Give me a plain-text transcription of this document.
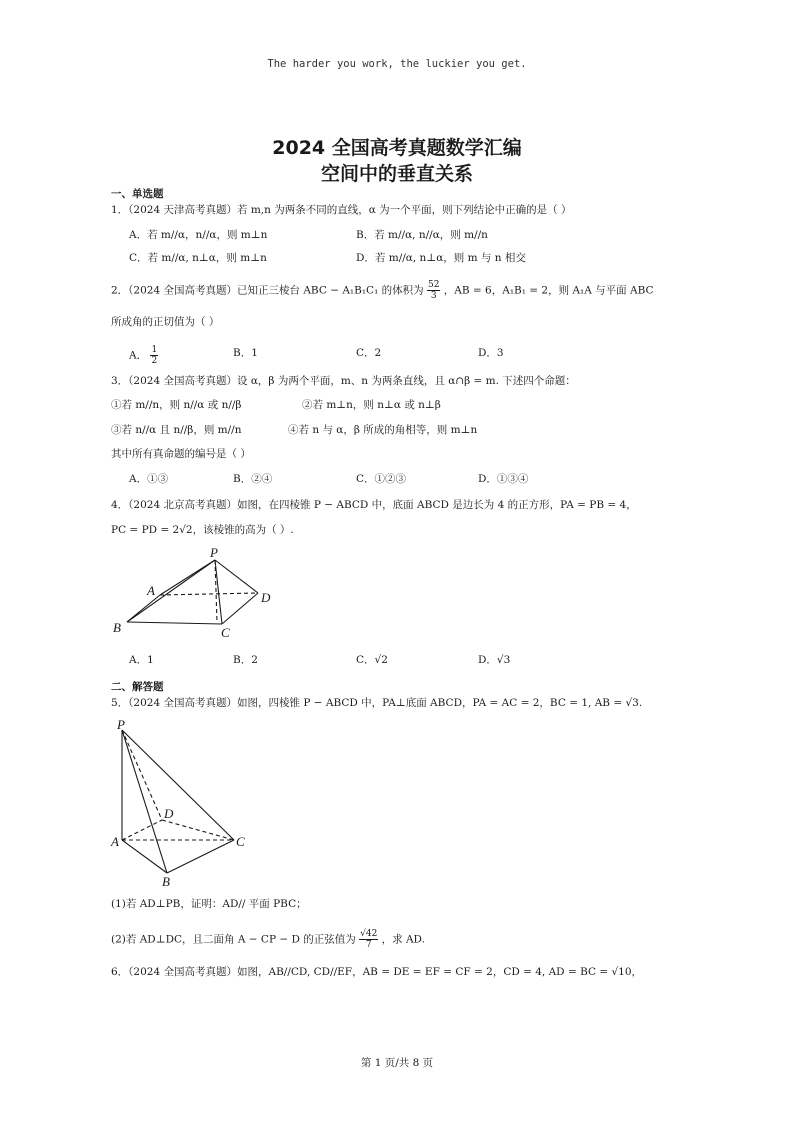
The harder you work, the luckier you get.
2024 全国高考真题数学汇编
空间中的垂直关系
一、单选题
1．（2024 天津高考真题）若 m,n 为两条不同的直线，α 为一个平面，则下列结论中正确的是（ ）
A．若 m//α，n//α，则 m⊥n	B．若 m//α, n//α，则 m//n
C．若 m//α, n⊥α，则 m⊥n	D．若 m//α, n⊥α，则 m 与 n 相交
2．（2024 全国高考真题）已知正三棱台 ABC − A₁B₁C₁ 的体积为 $\frac{52}{3}$ ，AB = 6，A₁B₁ = 2，则 A₁A 与平面 ABC
所成角的正切值为（ ）
A． $\frac{1}{2}$	B．1	C．2	D．3
3．（2024 全国高考真题）设 α，β 为两个平面，m、n 为两条直线，且 α∩β = m. 下述四个命题：
①若 m//n，则 n//α 或 n//β	②若 m⊥n，则 n⊥α 或 n⊥β
③若 n//α 且 n//β，则 m//n	④若 n 与 α，β 所成的角相等，则 m⊥n
其中所有真命题的编号是（ ）
A．①③	B．②④	C．①②③	D．①③④
4．（2024 北京高考真题）如图，在四棱锥 P − ABCD 中，底面 ABCD 是边长为 4 的正方形，PA = PB = 4，
PC = PD = 2√2，该棱锥的高为（ ）.
P
A
B	C
D
A．1	B．2	C．√2	D．√3
二、解答题
5．（2024 全国高考真题）如图，四棱锥 P − ABCD 中，PA⊥底面 ABCD，PA = AC = 2，BC = 1, AB = √3.
P
D
A	C
B
(1)若 AD⊥PB，证明：AD// 平面 PBC；
(2)若 AD⊥DC，且二面角 A − CP − D 的正弦值为 $\frac{√42}{7}$ ，求 AD.
6．（2024 全国高考真题）如图，AB//CD, CD//EF，AB = DE = EF = CF = 2，CD = 4, AD = BC = √10，
第 1 页/共 8 页
